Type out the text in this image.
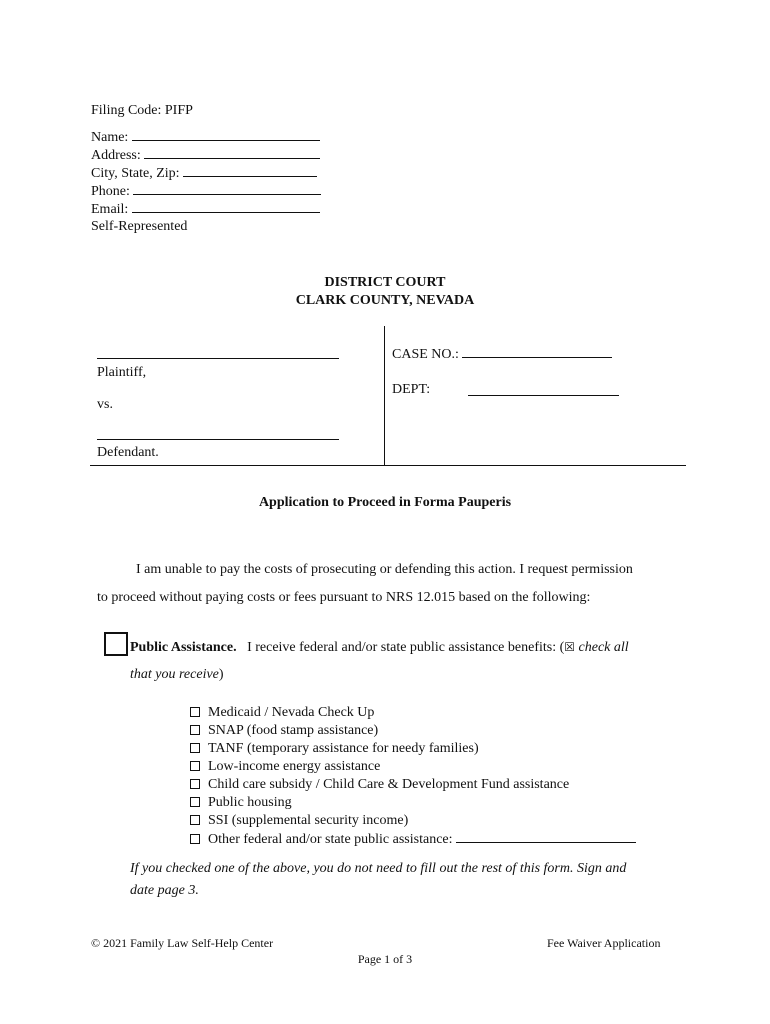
Filing Code: PIFP
Name:
Address:
City, State, Zip:
Phone:
Email:
Self-Represented
DISTRICT COURT
CLARK COUNTY, NEVADA
Plaintiff,
vs.
Defendant.
CASE NO.:
DEPT:
Application to Proceed in Forma Pauperis
I am unable to pay the costs of prosecuting or defending this action. I request permission
to proceed without paying costs or fees pursuant to NRS 12.015 based on the following:
Public Assistance. I receive federal and/or state public assistance benefits: (☒ check all
that you receive)
Medicaid / Nevada Check Up
SNAP (food stamp assistance)
TANF (temporary assistance for needy families)
Low-income energy assistance
Child care subsidy / Child Care & Development Fund assistance
Public housing
SSI (supplemental security income)
Other federal and/or state public assistance:
If you checked one of the above, you do not need to fill out the rest of this form. Sign and
date page 3.
© 2021 Family Law Self-Help Center	Fee Waiver Application
Page 1 of 3
